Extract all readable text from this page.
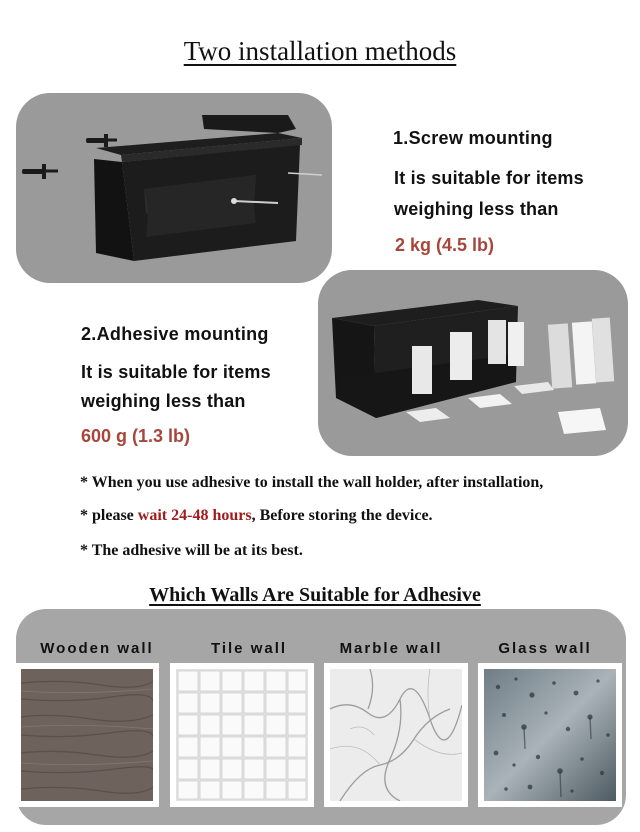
Two installation methods
1.Screw mounting
It is suitable for items
weighing less than
2 kg (4.5 lb)
2.Adhesive mounting
It is suitable for items
weighing less than
600 g (1.3 lb)
* When you use adhesive to install the wall holder, after installation,
* please wait 24-48 hours, Before storing the device.
* The adhesive will be at its best.
Which Walls Are Suitable for Adhesive
Wooden wall	Tile wall	Marble wall	Glass wall
